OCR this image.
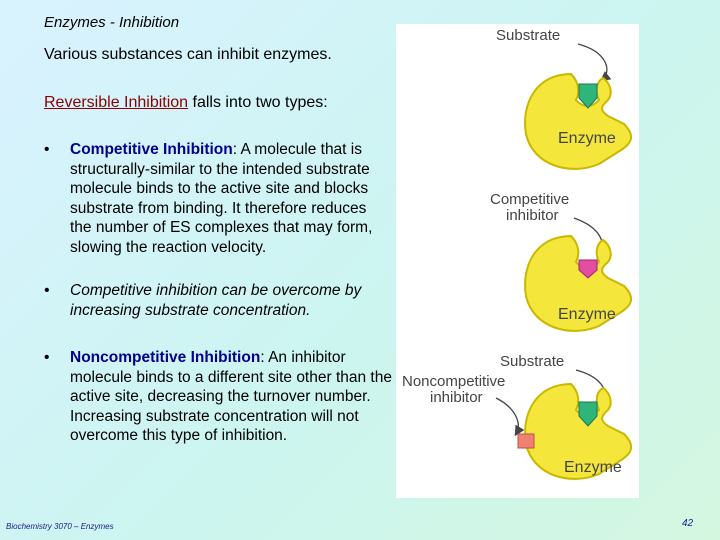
Enzymes - Inhibition
Various substances can inhibit enzymes.
Reversible Inhibition falls into two types:
•	Competitive Inhibition: A molecule that is structurally-similar to the intended substrate molecule binds to the active site and blocks substrate from binding. It therefore reduces the number of ES complexes that may form, slowing the reaction velocity.
•	Competitive inhibition can be overcome by increasing substrate concentration.
•	Noncompetitive Inhibition: An inhibitor molecule binds to a different site other than the active site, decreasing the turnover number. Increasing substrate concentration will not overcome this type of inhibition.
Substrate
Enzyme
Competitive
inhibitor
Enzyme
Substrate
Noncompetitive
inhibitor
Enzyme
Biochemistry 3070 – Enzymes	42
